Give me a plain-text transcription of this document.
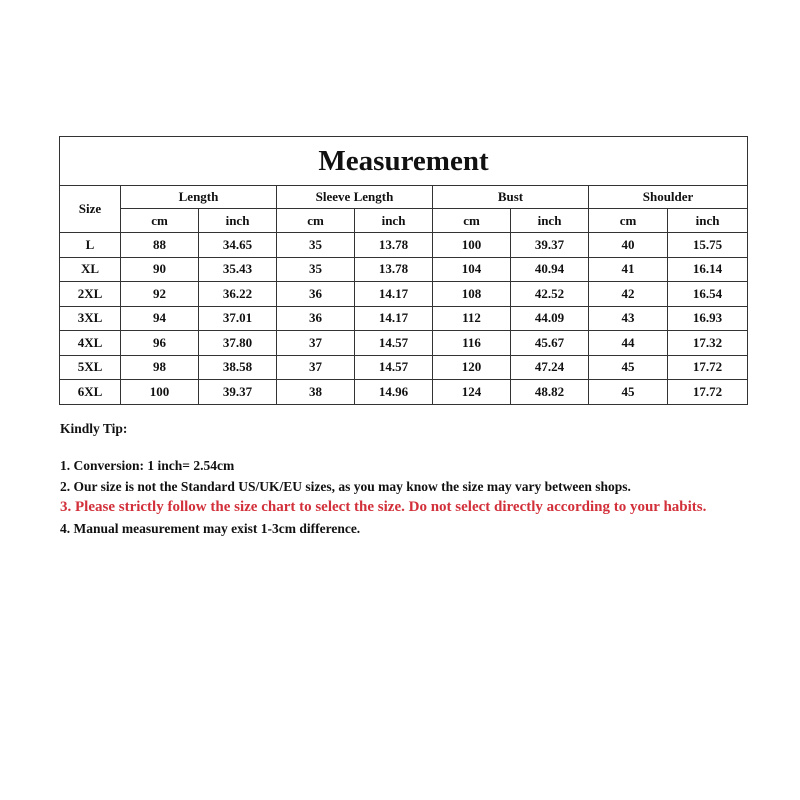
Measurement								
Size	Length		Sleeve Length		Bust		Shoulder	
	cm	inch	cm	inch	cm	inch	cm	inch
L	88	34.65	35	13.78	100	39.37	40	15.75
XL	90	35.43	35	13.78	104	40.94	41	16.14
2XL	92	36.22	36	14.17	108	42.52	42	16.54
3XL	94	37.01	36	14.17	112	44.09	43	16.93
4XL	96	37.80	37	14.57	116	45.67	44	17.32
5XL	98	38.58	37	14.57	120	47.24	45	17.72
6XL	100	39.37	38	14.96	124	48.82	45	17.72
Kindly Tip:
1. Conversion: 1 inch= 2.54cm
2. Our size is not the Standard US/UK/EU sizes, as you may know the size may vary between shops.
3. Please strictly follow the size chart to select the size. Do not select directly according to your habits.
4. Manual measurement may exist 1-3cm difference.
